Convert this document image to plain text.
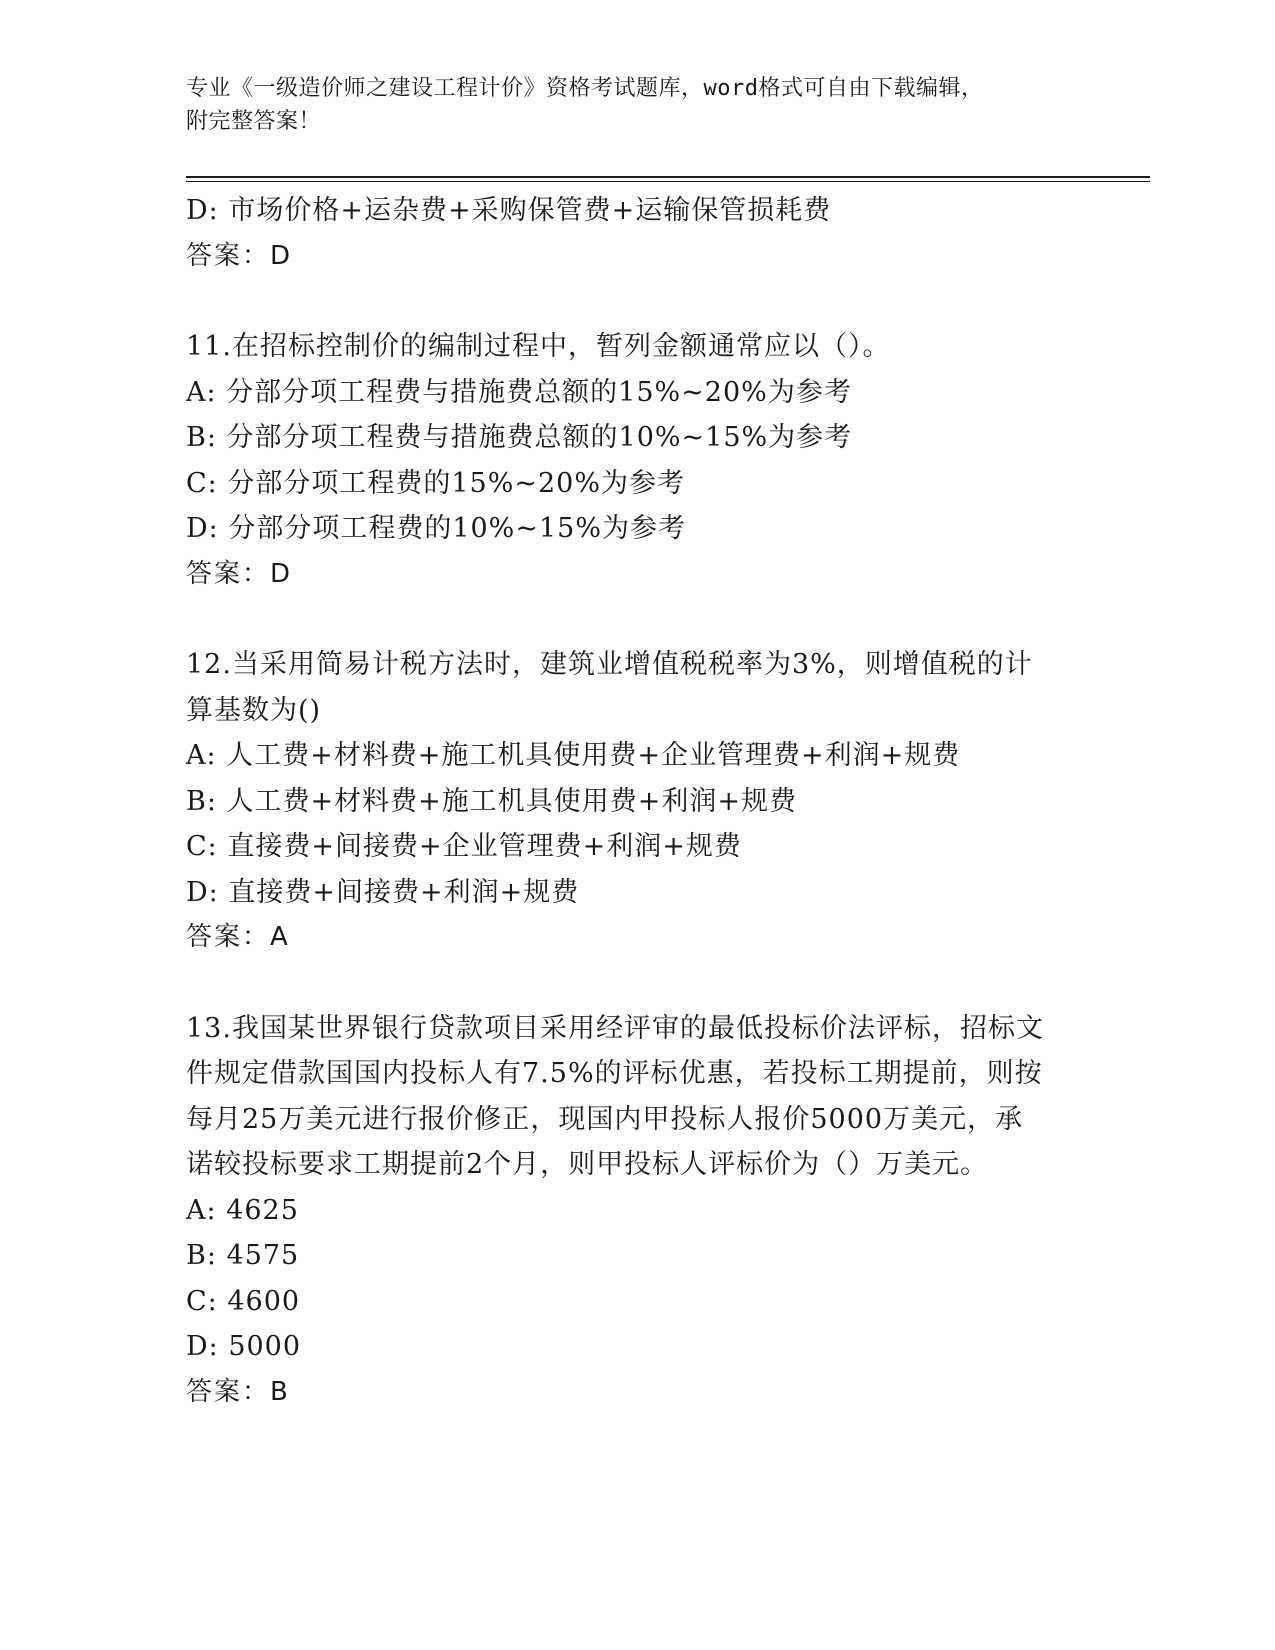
专业《一级造价师之建设工程计价》资格考试题库，word格式可自由下载编辑，
附完整答案！
D: 市场价格+运杂费+采购保管费+运输保管损耗费
答案：D
11.在招标控制价的编制过程中，暂列金额通常应以（）。
A: 分部分项工程费与措施费总额的15%~20%为参考
B: 分部分项工程费与措施费总额的10%~15%为参考
C: 分部分项工程费的15%~20%为参考
D: 分部分项工程费的10%~15%为参考
答案：D
12.当采用简易计税方法时，建筑业增值税税率为3%，则增值税的计
算基数为()
A: 人工费+材料费+施工机具使用费+企业管理费+利润+规费
B: 人工费+材料费+施工机具使用费+利润+规费
C: 直接费+间接费+企业管理费+利润+规费
D: 直接费+间接费+利润+规费
答案：A
13.我国某世界银行贷款项目采用经评审的最低投标价法评标，招标文
件规定借款国国内投标人有7.5%的评标优惠，若投标工期提前，则按
每月25万美元进行报价修正，现国内甲投标人报价5000万美元，承
诺较投标要求工期提前2个月，则甲投标人评标价为（）万美元。
A: 4625
B: 4575
C: 4600
D: 5000
答案：B
